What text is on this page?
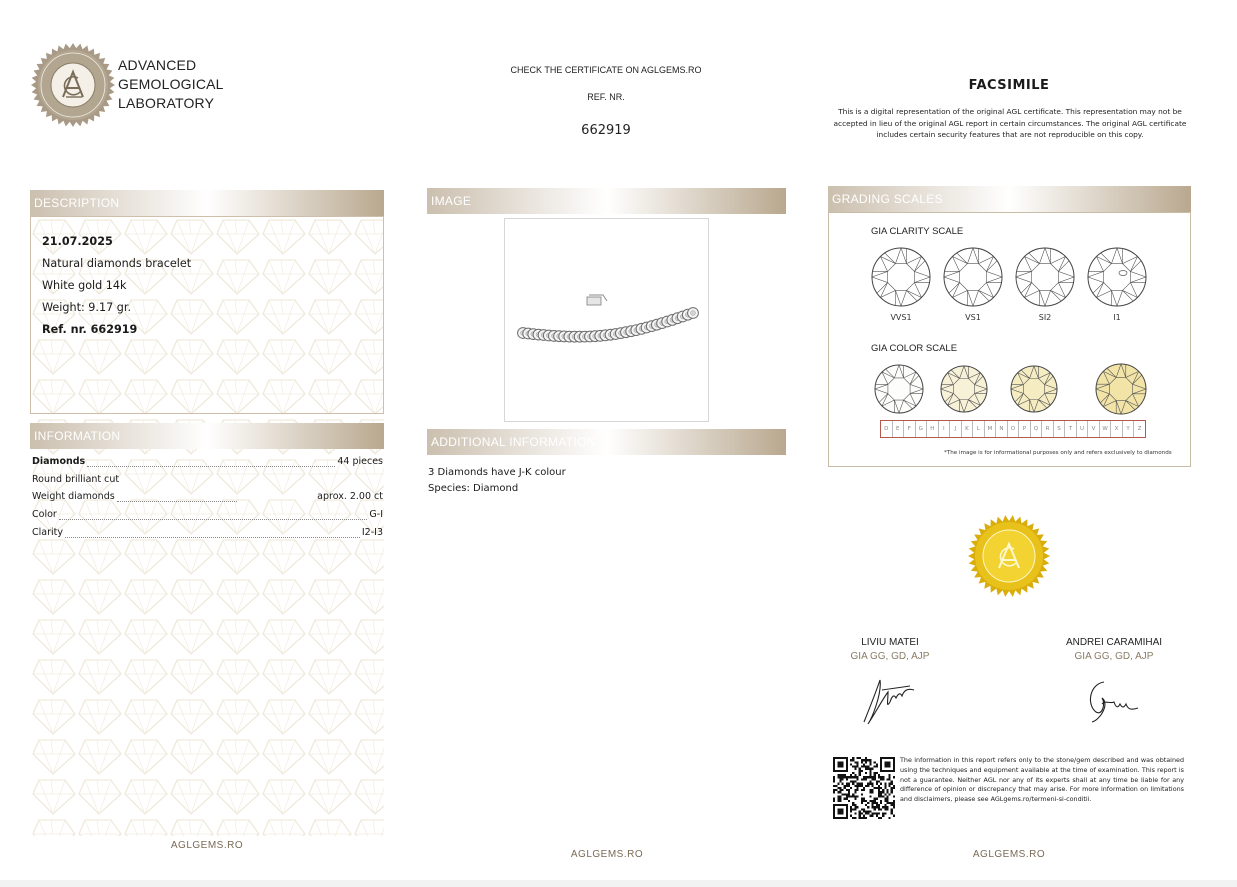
ADVANCED
GEMOLOGICAL
LABORATORY
CHECK THE CERTIFICATE ON AGLGEMS.RO
REF. NR.
662919
FACSIMILE
This is a digital representation of the original AGL certificate. This representation may not be accepted in lieu of the original AGL report in certain circumstances. The original AGL certificate includes certain security features that are not reproducible on this copy.
DESCRIPTION
21.07.2025
Natural diamonds bracelet
White gold 14k
Weight: 9.17 gr.
Ref. nr. 662919
INFORMATION
Diamonds	44 pieces
Round brilliant cut
Weight diamonds	aprox. 2.00 ct
Color	G-I
Clarity	I2-I3
AGLGEMS.RO
IMAGE
ADDITIONAL INFORMATION
3 Diamonds have J-K colour
Species: Diamond
AGLGEMS.RO
GRADING SCALES
GIA CLARITY SCALE
VVS1	VS1	SI2	I1
GIA COLOR SCALE
D	E	F	G	H	I	J	K	L	M	N	O	P	Q	R	S	T	U	V	W	X	Y	Z
*The image is for informational purposes only and refers exclusively to diamonds
LIVIU MATEI
GIA GG, GD, AJP
ANDREI CARAMIHAI
GIA GG, GD, AJP
The information in this report refers only to the stone/gem described and was obtained using the techniques and equipment available at the time of examination. This report is not a guarantee. Neither AGL nor any of its experts shall at any time be liable for any difference of opinion or discrepancy that may arise. For more information on limitations and disclaimers, please see AGLgems.ro/termeni-si-conditii.
AGLGEMS.RO
